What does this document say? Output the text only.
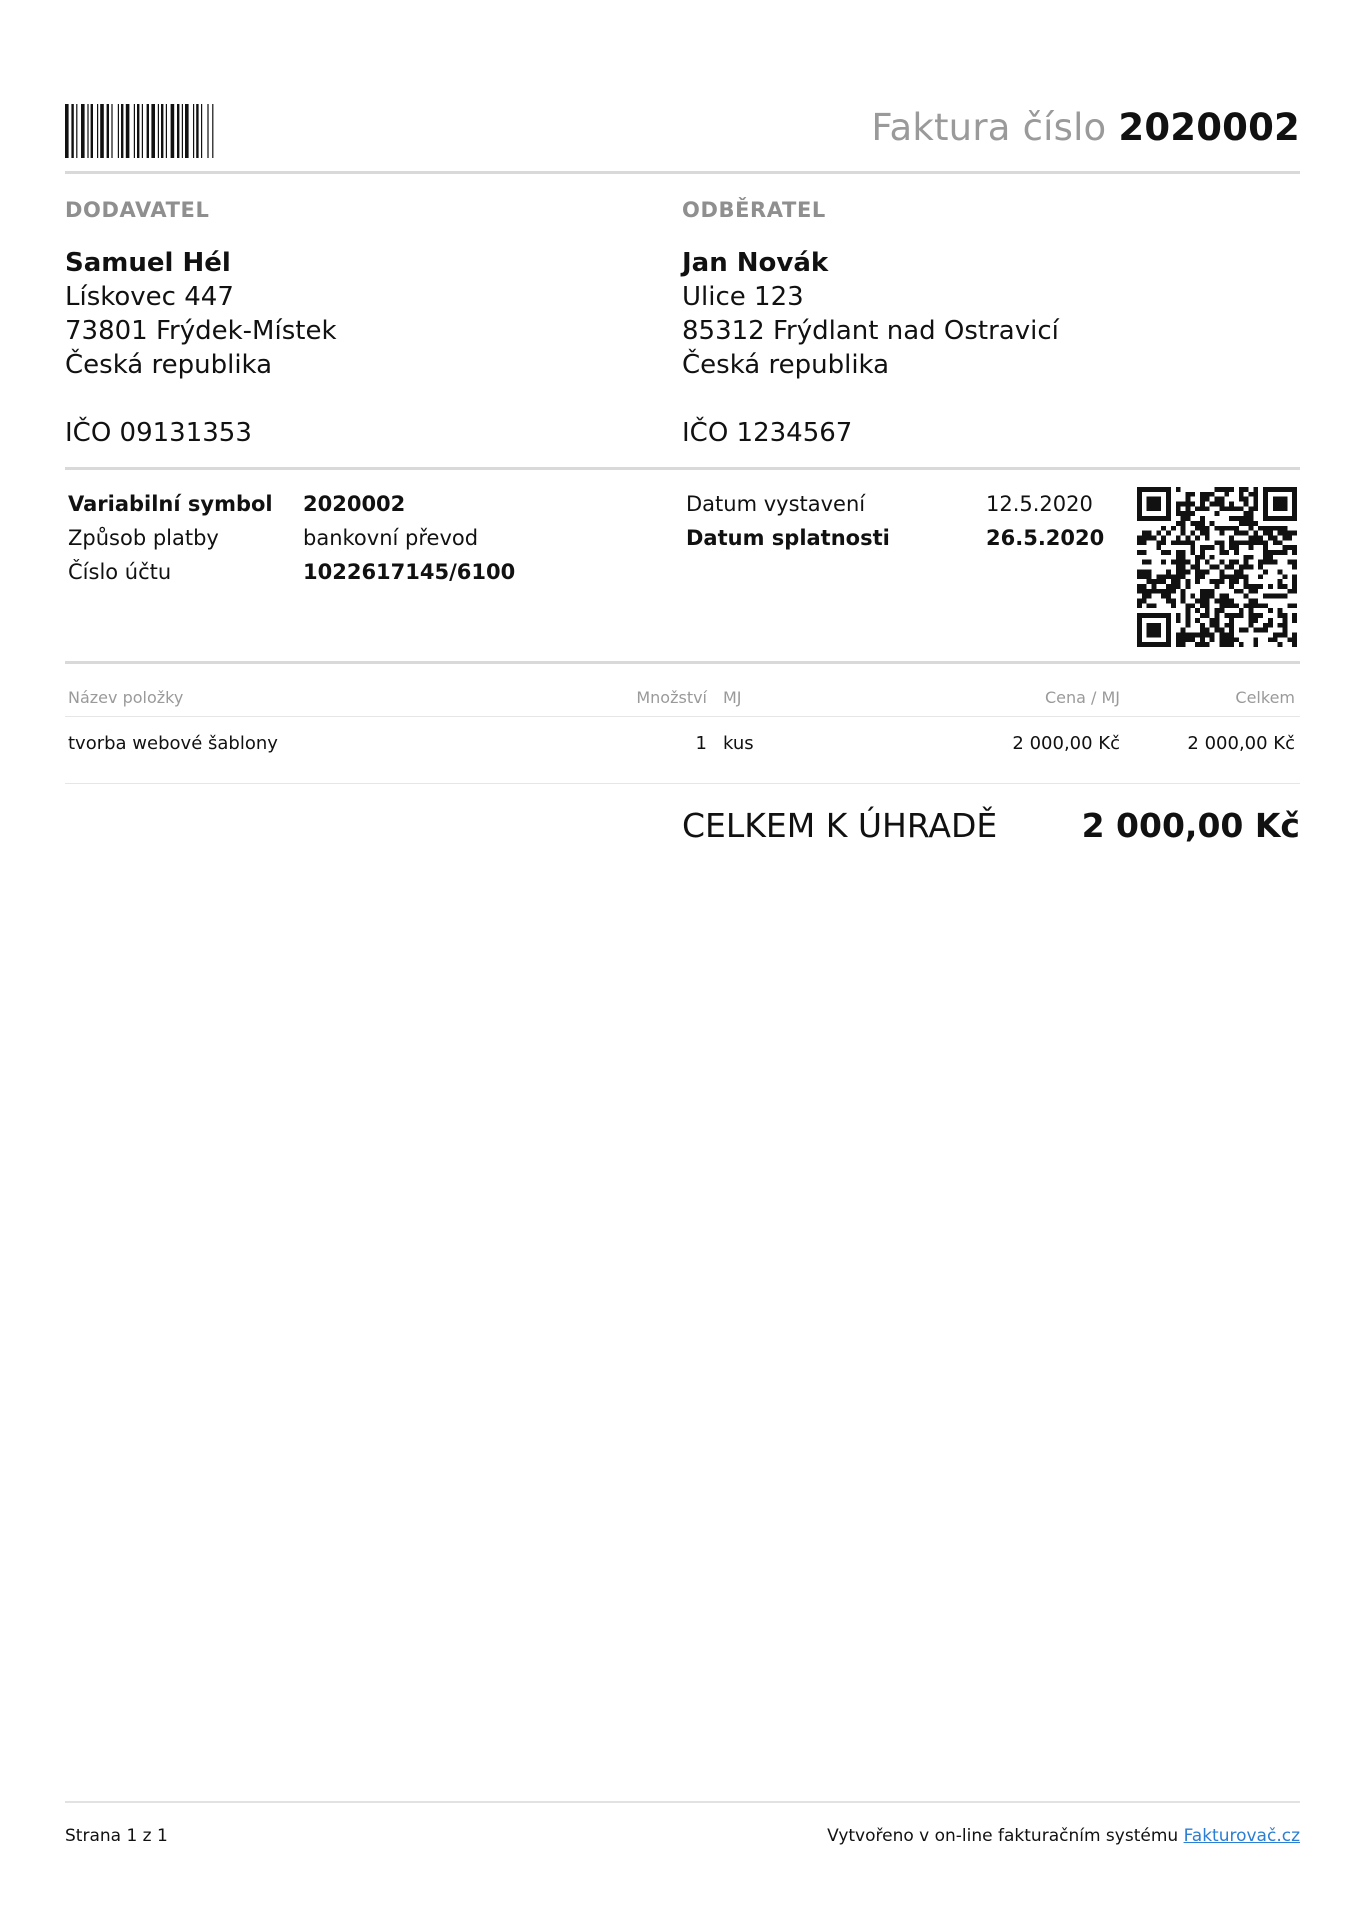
Faktura číslo 2020002
DODAVATEL
Samuel Hél
Lískovec 447
73801 Frýdek-Místek
Česká republika
IČO 09131353
ODBĚRATEL
Jan Novák
Ulice 123
85312 Frýdlant nad Ostravicí
Česká republika
IČO 1234567
Variabilní symbol 2020002
Způsob platby	bankovní převod
Číslo účtu	1022617145/6100
Datum vystavení	12.5.2020
Datum splatnosti	26.5.2020
Název položky	Množství MJ	Cena / MJ	Celkem
tvorba webové šablony	1 kus	2 000,00 Kč	2 000,00 Kč
CELKEM K ÚHRADĚ	2 000,00 Kč
Strana 1 z 1	Vytvořeno v on-line fakturačním systému Fakturovač.cz
